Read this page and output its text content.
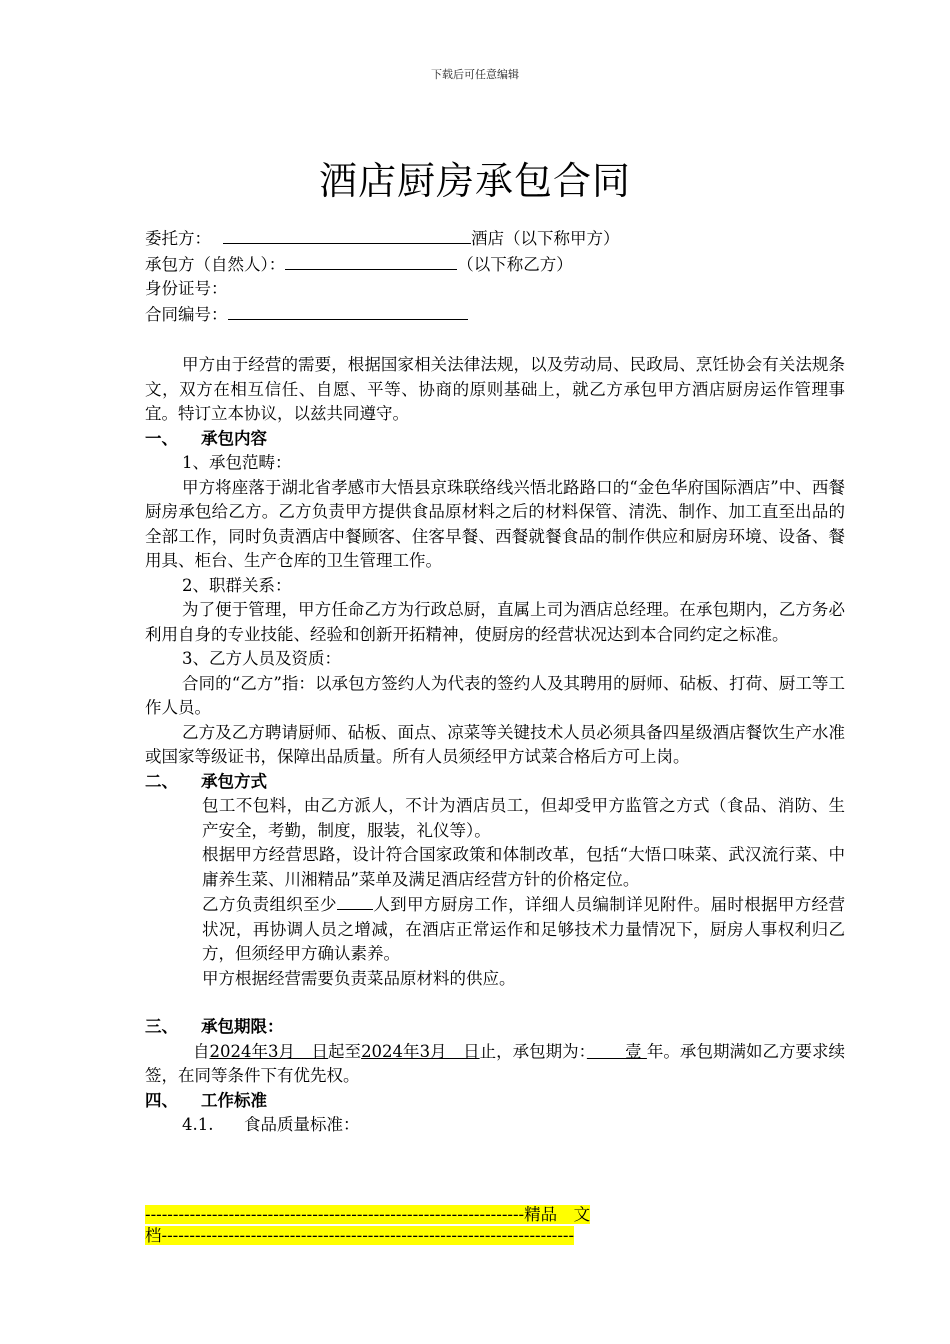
下载后可任意编辑
酒店厨房承包合同
委托方：	酒店（以下称甲方）
承包方（自然人）：	（以下称乙方）
身份证号：
合同编号：

甲方由于经营的需要，根据国家相关法律法规，以及劳动局、民政局、烹饪协会有关法规条文，双方在相互信任、自愿、平等、协商的原则基础上，就乙方承包甲方酒店厨房运作管理事宜。特订立本协议，以兹共同遵守。

一、 承包内容

1、承包范畴：

甲方将座落于湖北省孝感市大悟县京珠联络线兴悟北路路口的“金色华府国际酒店”中、西餐厨房承包给乙方。乙方负责甲方提供食品原材料之后的材料保管、清洗、制作、加工直至出品的全部工作，同时负责酒店中餐顾客、住客早餐、西餐就餐食品的制作供应和厨房环境、设备、餐用具、柜台、生产仓库的卫生管理工作。

2、职群关系：

为了便于管理，甲方任命乙方为行政总厨，直属上司为酒店总经理。在承包期内，乙方务必利用自身的专业技能、经验和创新开拓精神，使厨房的经营状况达到本合同约定之标准。

3、乙方人员及资质：

合同的“乙方”指：以承包方签约人为代表的签约人及其聘用的厨师、砧板、打荷、厨工等工作人员。

乙方及乙方聘请厨师、砧板、面点、凉菜等关键技术人员必须具备四星级酒店餐饮生产水准或国家等级证书，保障出品质量。所有人员须经甲方试菜合格后方可上岗。

二、 承包方式

包工不包料，由乙方派人，不计为酒店员工，但却受甲方监管之方式（食品、消防、生产安全，考勤，制度，服装，礼仪等）。

根据甲方经营思路，设计符合国家政策和体制改革，包括“大悟口味菜、武汉流行菜、中庸养生菜、川湘精品”菜单及满足酒店经营方针的价格定位。

乙方负责组织至少 人到甲方厨房工作，详细人员编制详见附件。届时根据甲方经营状况，再协调人员之增减，在酒店正常运作和足够技术力量情况下，厨房人事权利归乙方，但须经甲方确认素养。

甲方根据经营需要负责菜品原材料的供应。

三、 承包期限：

自2024年3月　日起至2024年3月　日止，承包期为：　　 壹 年。承包期满如乙方要求续签，在同等条件下有优先权。

四、 工作标准

4.1. 食品质量标准：

--------------------------------------------------------------------精品　文
档--------------------------------------------------------------------------
